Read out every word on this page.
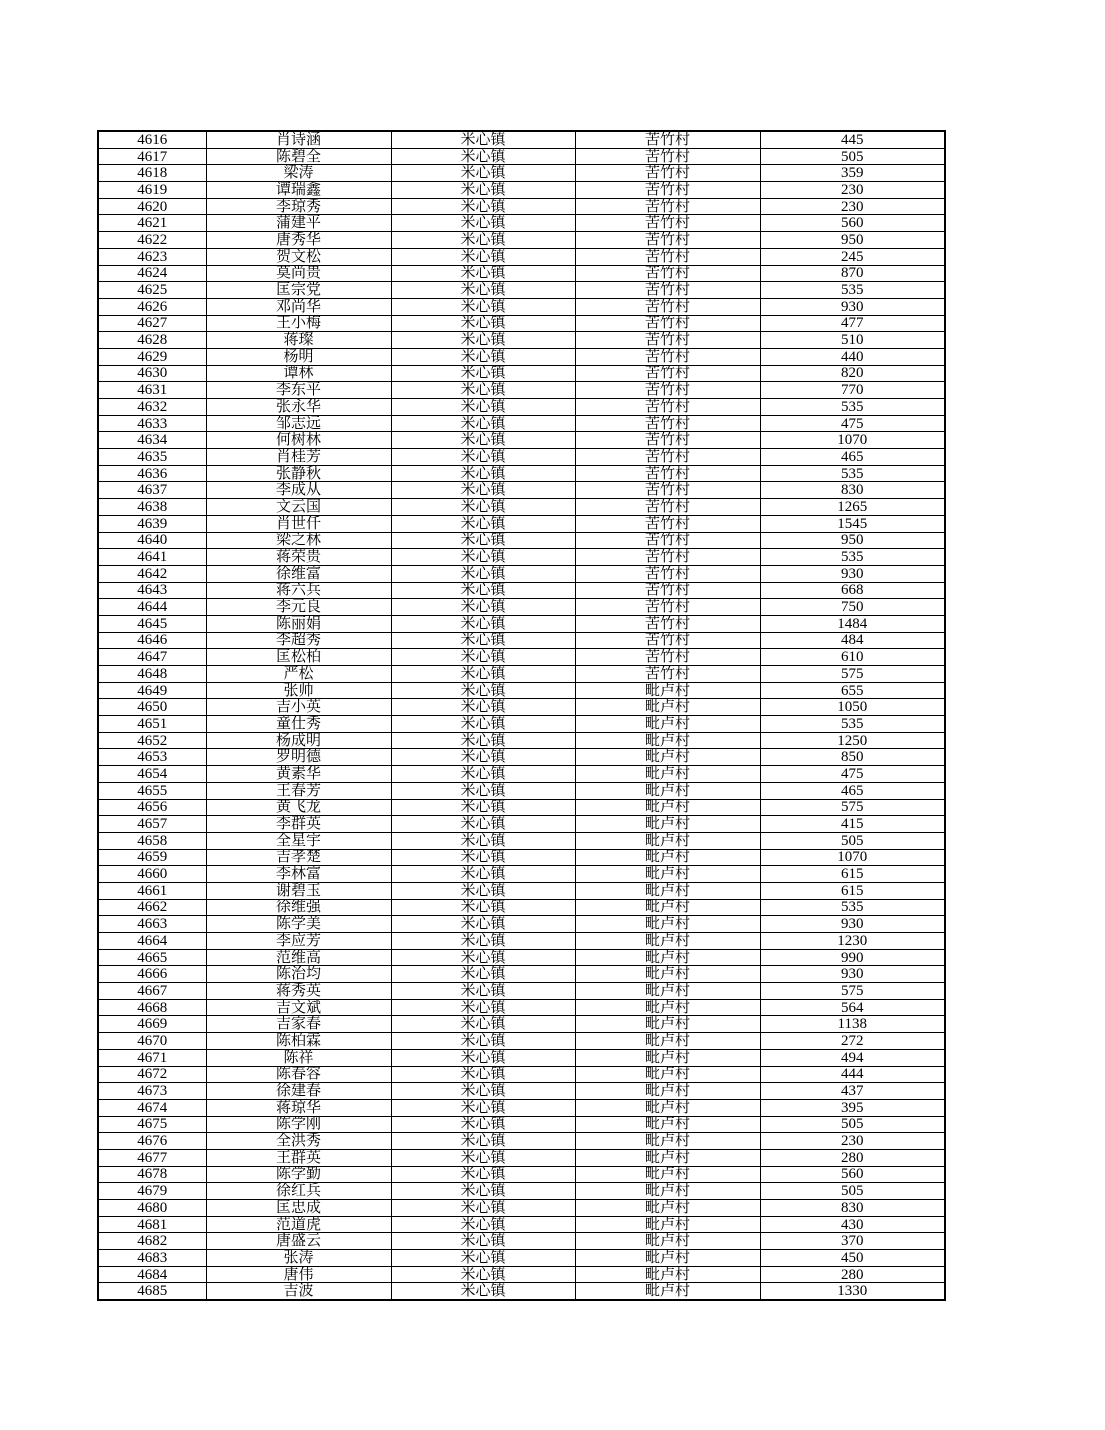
4616	肖诗涵	米心镇	苦竹村	445
4617	陈碧全	米心镇	苦竹村	505
4618	梁涛	米心镇	苦竹村	359
4619	谭瑞鑫	米心镇	苦竹村	230
4620	李琼秀	米心镇	苦竹村	230
4621	蒲建平	米心镇	苦竹村	560
4622	唐秀华	米心镇	苦竹村	950
4623	贺文松	米心镇	苦竹村	245
4624	莫尚贵	米心镇	苦竹村	870
4625	匡宗党	米心镇	苦竹村	535
4626	邓尚华	米心镇	苦竹村	930
4627	王小梅	米心镇	苦竹村	477
4628	蒋璨	米心镇	苦竹村	510
4629	杨明	米心镇	苦竹村	440
4630	谭林	米心镇	苦竹村	820
4631	李东平	米心镇	苦竹村	770
4632	张永华	米心镇	苦竹村	535
4633	邹志远	米心镇	苦竹村	475
4634	何树林	米心镇	苦竹村	1070
4635	肖桂芳	米心镇	苦竹村	465
4636	张静秋	米心镇	苦竹村	535
4637	李成从	米心镇	苦竹村	830
4638	文云国	米心镇	苦竹村	1265
4639	肖世仟	米心镇	苦竹村	1545
4640	梁之林	米心镇	苦竹村	950
4641	蒋荣贵	米心镇	苦竹村	535
4642	徐维富	米心镇	苦竹村	930
4643	蒋六兵	米心镇	苦竹村	668
4644	李元良	米心镇	苦竹村	750
4645	陈丽娟	米心镇	苦竹村	1484
4646	李超秀	米心镇	苦竹村	484
4647	匡松柏	米心镇	苦竹村	610
4648	严松	米心镇	苦竹村	575
4649	张帅	米心镇	毗卢村	655
4650	吉小英	米心镇	毗卢村	1050
4651	童仕秀	米心镇	毗卢村	535
4652	杨成明	米心镇	毗卢村	1250
4653	罗明德	米心镇	毗卢村	850
4654	黄素华	米心镇	毗卢村	475
4655	王春芳	米心镇	毗卢村	465
4656	黄飞龙	米心镇	毗卢村	575
4657	李群英	米心镇	毗卢村	415
4658	全星宇	米心镇	毗卢村	505
4659	吉孝楚	米心镇	毗卢村	1070
4660	李林富	米心镇	毗卢村	615
4661	谢碧玉	米心镇	毗卢村	615
4662	徐维强	米心镇	毗卢村	535
4663	陈学美	米心镇	毗卢村	930
4664	李应芳	米心镇	毗卢村	1230
4665	范维高	米心镇	毗卢村	990
4666	陈治均	米心镇	毗卢村	930
4667	蒋秀英	米心镇	毗卢村	575
4668	吉文斌	米心镇	毗卢村	564
4669	吉家春	米心镇	毗卢村	1138
4670	陈柏霖	米心镇	毗卢村	272
4671	陈祥	米心镇	毗卢村	494
4672	陈春容	米心镇	毗卢村	444
4673	徐建春	米心镇	毗卢村	437
4674	蒋琼华	米心镇	毗卢村	395
4675	陈学刚	米心镇	毗卢村	505
4676	全洪秀	米心镇	毗卢村	230
4677	王群英	米心镇	毗卢村	280
4678	陈学勤	米心镇	毗卢村	560
4679	徐红兵	米心镇	毗卢村	505
4680	匡忠成	米心镇	毗卢村	830
4681	范道虎	米心镇	毗卢村	430
4682	唐盛云	米心镇	毗卢村	370
4683	张涛	米心镇	毗卢村	450
4684	唐伟	米心镇	毗卢村	280
4685	吉波	米心镇	毗卢村	1330
